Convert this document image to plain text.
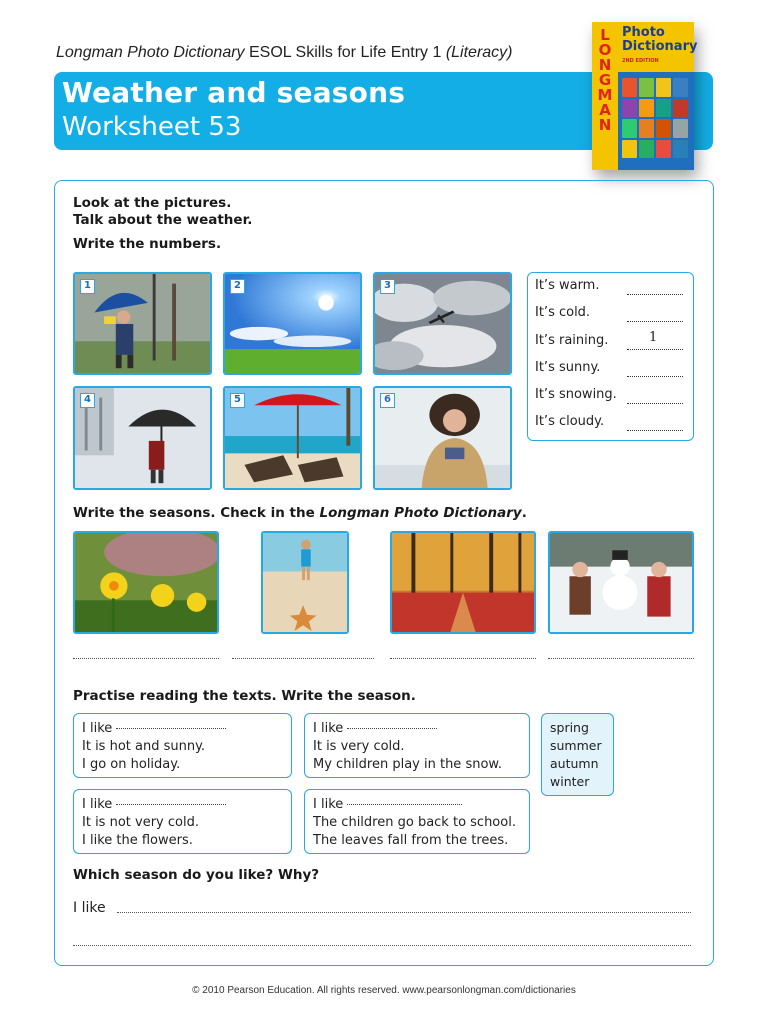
Longman Photo Dictionary ESOL Skills for Life Entry 1 (Literacy)
Weather and seasons
Worksheet 53
LONGMAN
Photo Dictionary
2ND EDITION
Look at the pictures.
Talk about the weather.
Write the numbers.
1	2	3
4	5	6
It’s warm.
It’s cold.
It’s raining.	1
It’s sunny.
It’s snowing.
It’s cloudy.
Write the seasons. Check in the Longman Photo Dictionary.
Practise reading the texts. Write the season.
I like
It is hot and sunny.
I go on holiday.
I like
It is very cold.
My children play in the snow.
I like
It is not very cold.
I like the flowers.
I like
The children go back to school.
The leaves fall from the trees.
spring
summer
autumn
winter
Which season do you like? Why?
I like
© 2010 Pearson Education. All rights reserved. www.pearsonlongman.com/dictionaries
